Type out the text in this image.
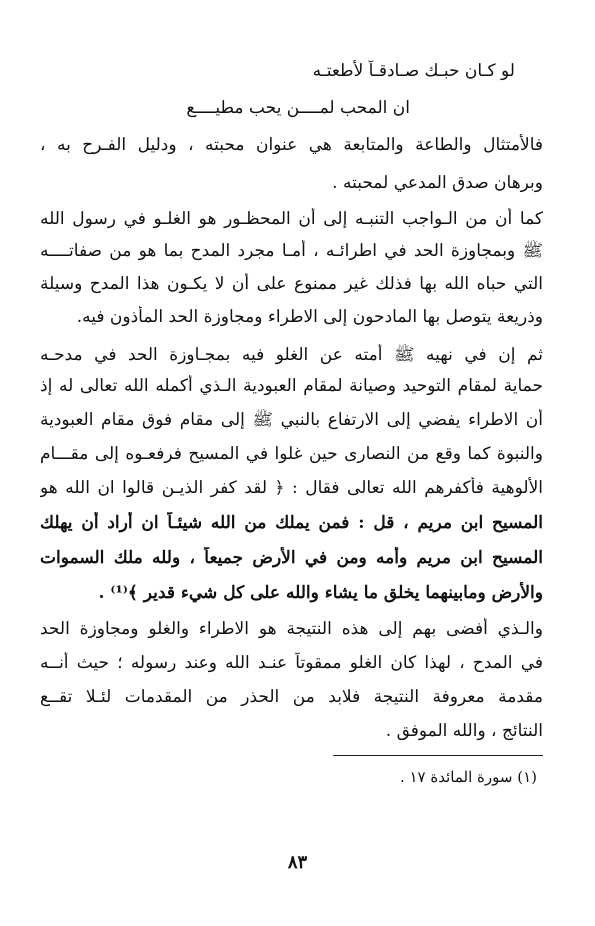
لو كـان حبـك صـادقـاً لأطعتـه
ان المحب لمــــن يحب مطيــــع
فالأمتثال والطاعة والمتابعة هي عنوان محبته ، ودليل الفـرح به ،
وبرهان صدق المدعي لمحبته .
كما أن من الـواجب التنبـه إلى أن المحظـور هو الغلـو في رسول الله
ﷺ وبمجاوزة الحد في اطرائـه ، أمـا مجرد المدح بما هو من صفاتــــه
التي حباه الله بها فذلك غير ممنوع على أن لا يكـون هذا المدح وسيلة
وذريعة يتوصل بها المادحون إلى الاطراء ومجاوزة الحد المأذون فيه.
ثم إن في نهيه ﷺ أمته عن الغلو فيه بمجـاوزة الحد في مدحـه
حماية لمقام التوحيد وصيانة لمقام العبودية الـذي أكمله الله تعالى له إذ
أن الاطراء يفضي إلى الارتفاع بالنبي ﷺ إلى مقام فوق مقام العبودية
والنبوة كما وقع من النصارى حين غلوا في المسيح فرفعـوه إلى مقـــام
الألوهية فأكفرهم الله تعالى فقال : ﴿ لقد كفر الذيـن قالوا ان الله هو
المسيح ابن مريم ، قل : فمن يملك من الله شيئـاً ان أراد أن يهلك
المسيح ابن مريم وأمه ومن في الأرض جميعاً ، ولله ملك السموات
والأرض ومابينهما يخلق ما يشاء والله على كل شيء قدير ﴾⁽¹⁾ .
والـذي أفضى بهم إلى هذه النتيجة هو الاطراء والغلو ومجاوزة الحد
في المدح ، لهذا كان الغلو ممقوتاً عنـد الله وعند رسوله ؛ حيث أنــه
مقدمة معروفة النتيجة فلابد من الحذر من المقدمات لئـلا تقــع
النتائج ، والله الموفق .
(١) سورة المائدة ١٧ .
٨٣
